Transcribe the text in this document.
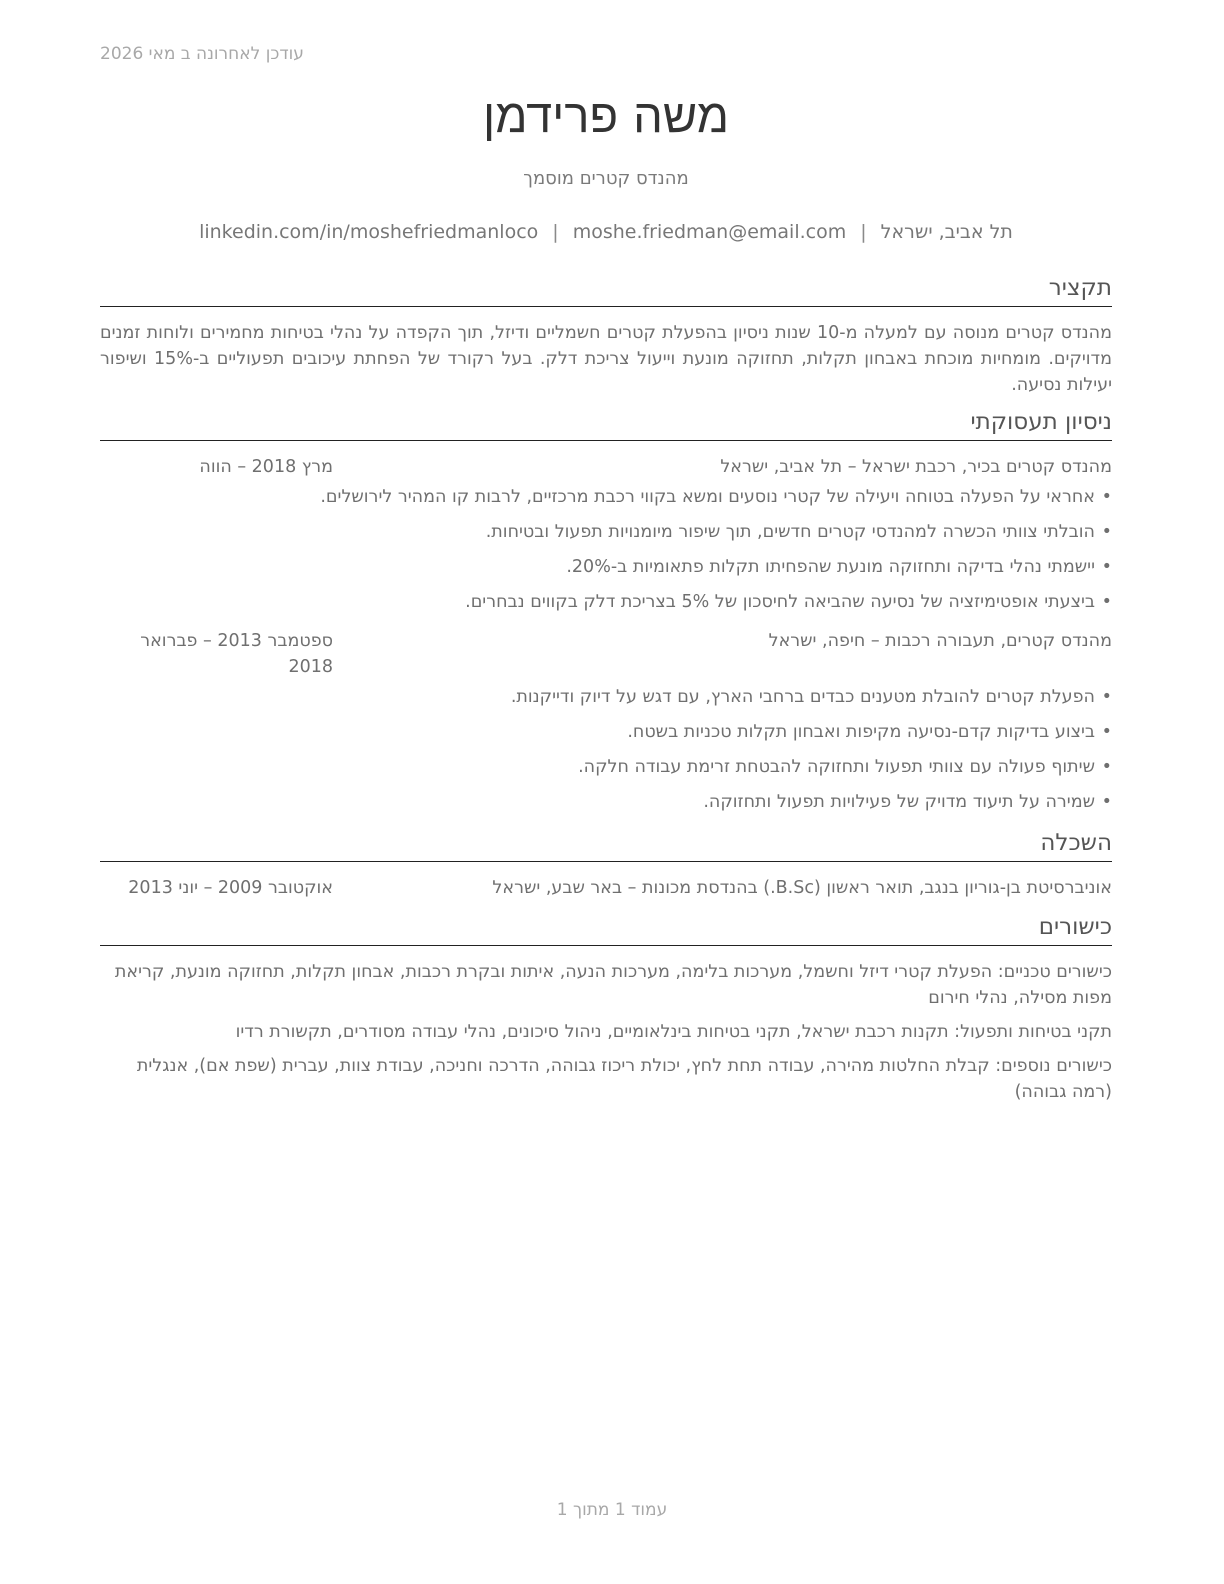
עודכן לאחרונה ב מאי 2026
משה פרידמן
מהנדס קטרים מוסמך
תל אביב, ישראל|moshe.friedman@email.com|linkedin.com/in/moshefriedmanloco
תקציר

מהנדס קטרים מנוסה עם למעלה מ-10 שנות ניסיון בהפעלת קטרים חשמליים ודיזל, תוך הקפדה על נהלי בטיחות מחמירים ולוחות זמנים מדויקים. מומחיות מוכחת באבחון תקלות, תחזוקה מונעת וייעול צריכת דלק. בעל רקורד של הפחתת עיכובים תפעוליים ב-15% ושיפור יעילות נסיעה.

ניסיון תעסוקתי
מהנדס קטרים בכיר, רכבת ישראל – תל אביב, ישראל
מרץ 2018 – הווה
•
אחראי על הפעלה בטוחה ויעילה של קטרי נוסעים ומשא בקווי רכבת מרכזיים, לרבות קו המהיר לירושלים.
•
הובלתי צוותי הכשרה למהנדסי קטרים חדשים, תוך שיפור מיומנויות תפעול ובטיחות.
•
יישמתי נהלי בדיקה ותחזוקה מונעת שהפחיתו תקלות פתאומיות ב-20%.
•
ביצעתי אופטימיזציה של נסיעה שהביאה לחיסכון של 5% בצריכת דלק בקווים נבחרים.
מהנדס קטרים, תעבורה רכבות – חיפה, ישראל
ספטמבר 2013 – פברואר 2018
•
הפעלת קטרים להובלת מטענים כבדים ברחבי הארץ, עם דגש על דיוק ודייקנות.
•
ביצוע בדיקות קדם-נסיעה מקיפות ואבחון תקלות טכניות בשטח.
•
שיתוף פעולה עם צוותי תפעול ותחזוקה להבטחת זרימת עבודה חלקה.
•
שמירה על תיעוד מדויק של פעילויות תפעול ותחזוקה.
השכלה
אוניברסיטת בן-גוריון בנגב, תואר ראשון (B.Sc.) בהנדסת מכונות – באר שבע, ישראל
אוקטובר 2009 – יוני 2013
כישורים

כישורים טכניים: הפעלת קטרי דיזל וחשמל, מערכות בלימה, מערכות הנעה, איתות ובקרת רכבות, אבחון תקלות, תחזוקה מונעת, קריאת מפות מסילה, נהלי חירום

תקני בטיחות ותפעול: תקנות רכבת ישראל, תקני בטיחות בינלאומיים, ניהול סיכונים, נהלי עבודה מסודרים, תקשורת רדיו

כישורים נוספים: קבלת החלטות מהירה, עבודה תחת לחץ, יכולת ריכוז גבוהה, הדרכה וחניכה, עבודת צוות, עברית (שפת אם), אנגלית (רמה גבוהה)

עמוד 1 מתוך 1
